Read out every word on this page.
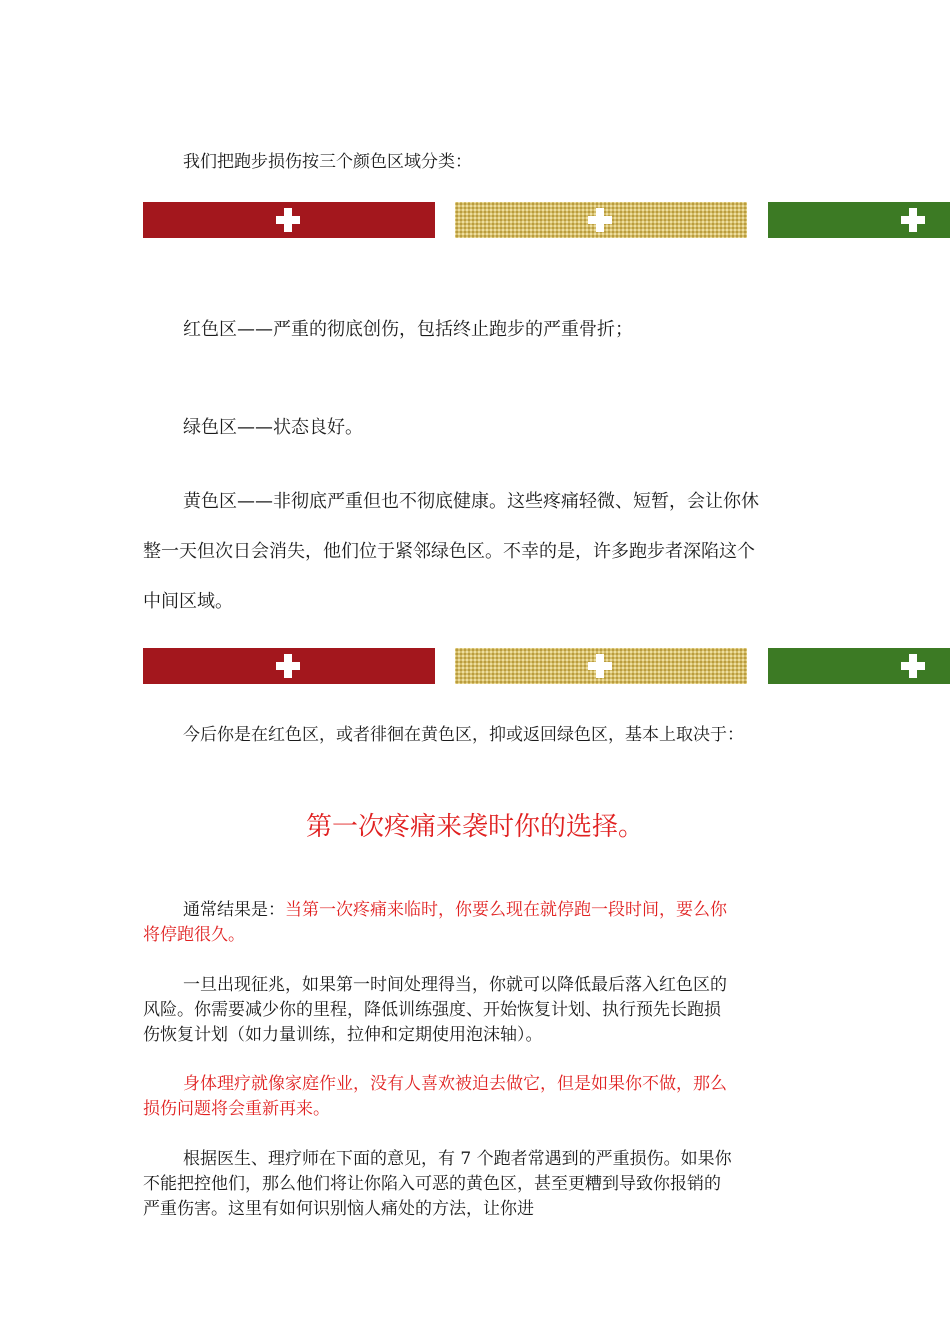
我们把跑步损伤按三个颜色区域分类：

红色区——严重的彻底创伤，包括终止跑步的严重骨折；

绿色区——状态良好。

黄色区——非彻底严重但也不彻底健康。这些疼痛轻微、短暂，会让你休

整一天但次日会消失，他们位于紧邻绿色区。不幸的是，许多跑步者深陷这个

中间区域。

今后你是在红色区，或者徘徊在黄色区，抑或返回绿色区，基本上取决于：

第一次疼痛来袭时你的选择。

通常结果是：当第一次疼痛来临时，你要么现在就停跑一段时间，要么你

将停跑很久。

一旦出现征兆，如果第一时间处理得当，你就可以降低最后落入红色区的

风险。你需要减少你的里程，降低训练强度、开始恢复计划、执行预先长跑损

伤恢复计划（如力量训练，拉伸和定期使用泡沫轴）。

身体理疗就像家庭作业，没有人喜欢被迫去做它，但是如果你不做，那么

损伤问题将会重新再来。

根据医生、理疗师在下面的意见，有 7 个跑者常遇到的严重损伤。如果你

不能把控他们，那么他们将让你陷入可恶的黄色区，甚至更糟到导致你报销的

严重伤害。这里有如何识别恼人痛处的方法，让你进
